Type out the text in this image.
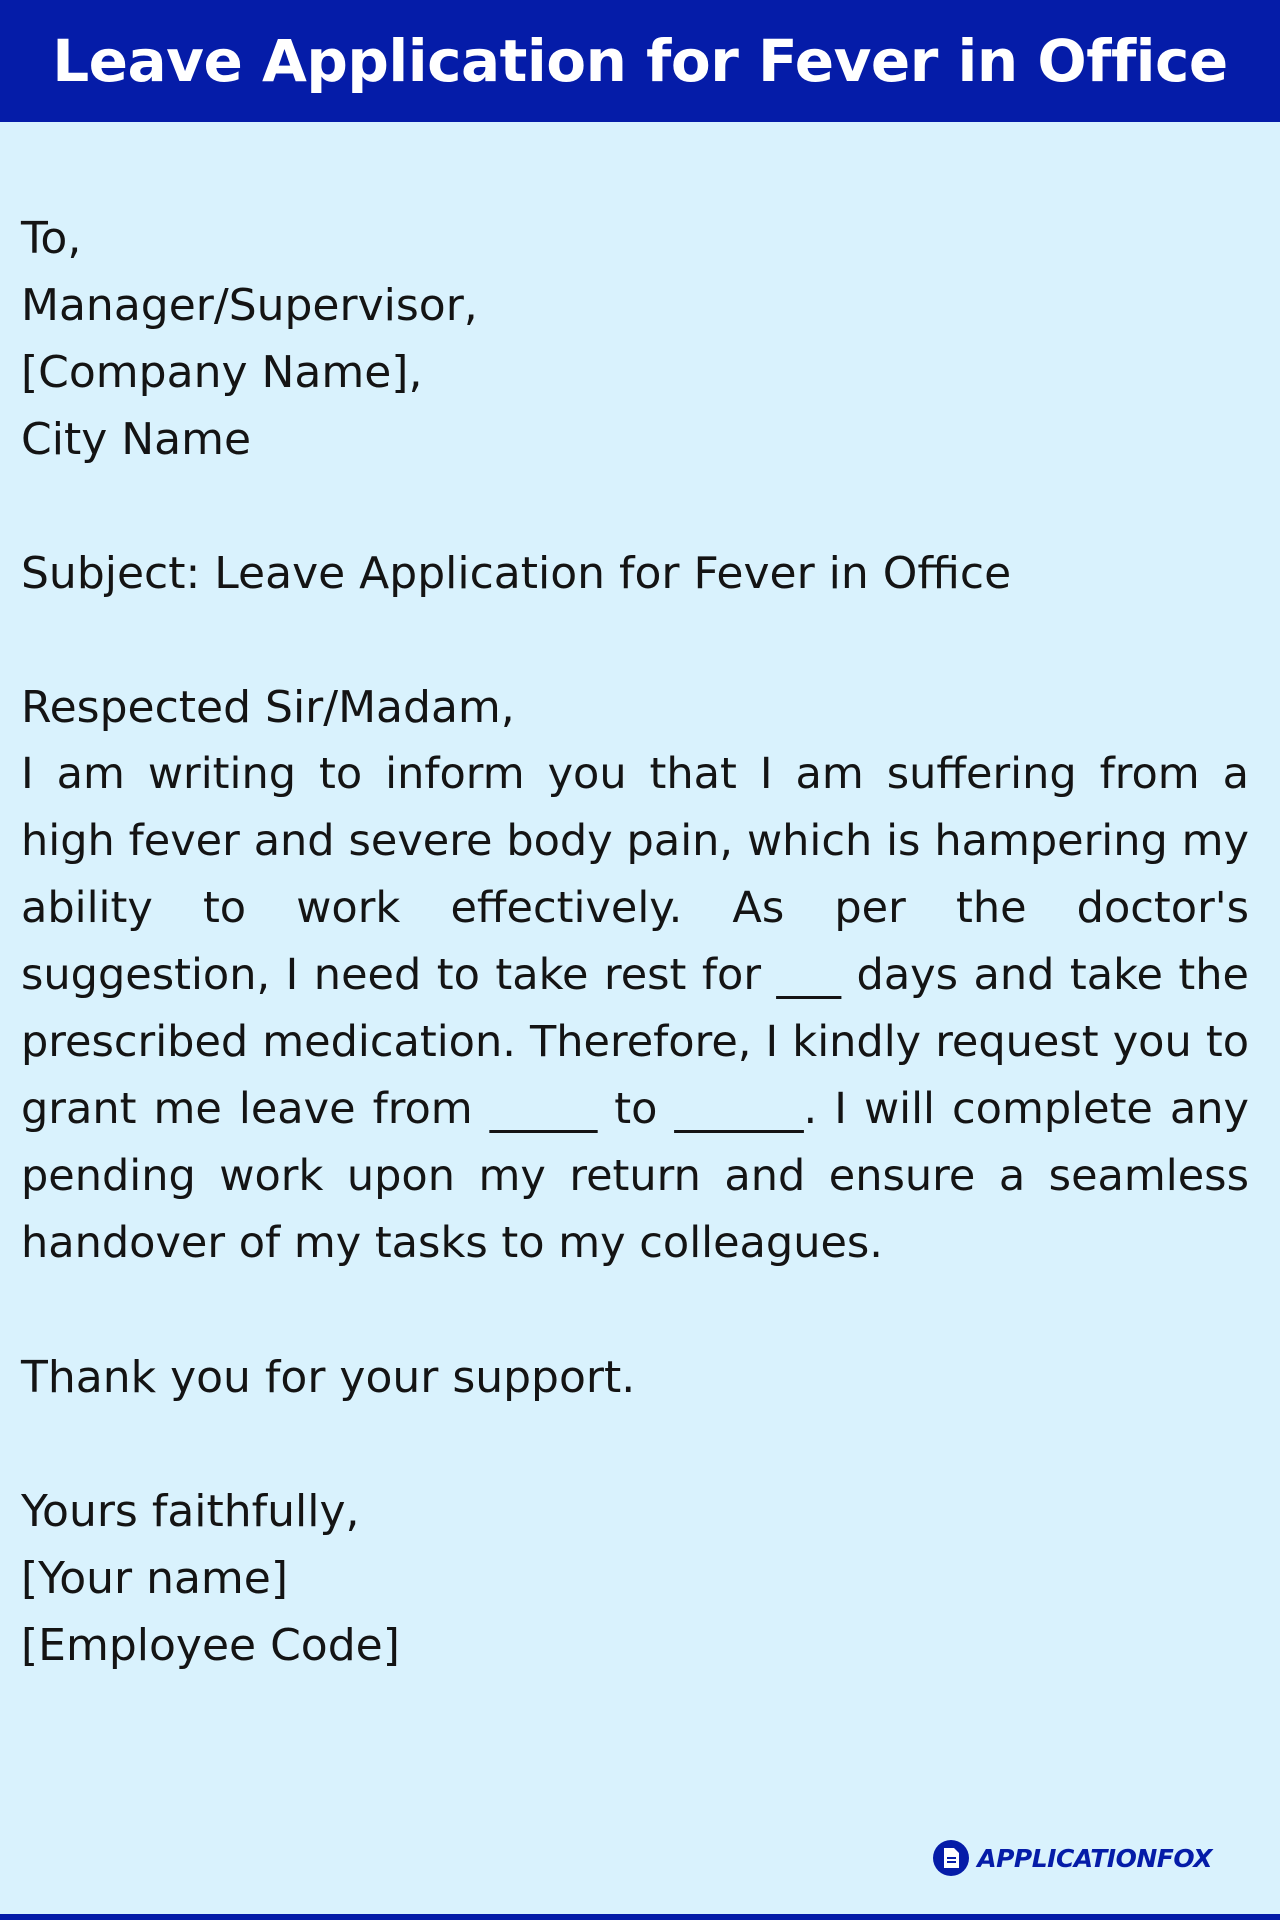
Leave Application for Fever in Office
To,
Manager/Supervisor,
[Company Name],
City Name
Subject: Leave Application for Fever in Office
Respected Sir/Madam,
I am writing to inform you that I am suffering from a high fever and severe body pain, which is hampering my ability to work effectively. As per the doctor's suggestion, I need to take rest for ___ days and take the prescribed medication. Therefore, I kindly request you to grant me leave from _____ to ______. I will complete any pending work upon my return and ensure a seamless handover of my tasks to my colleagues.
Thank you for your support.
Yours faithfully,
[Your name]
[Employee Code]
APPLICATIONFOX
